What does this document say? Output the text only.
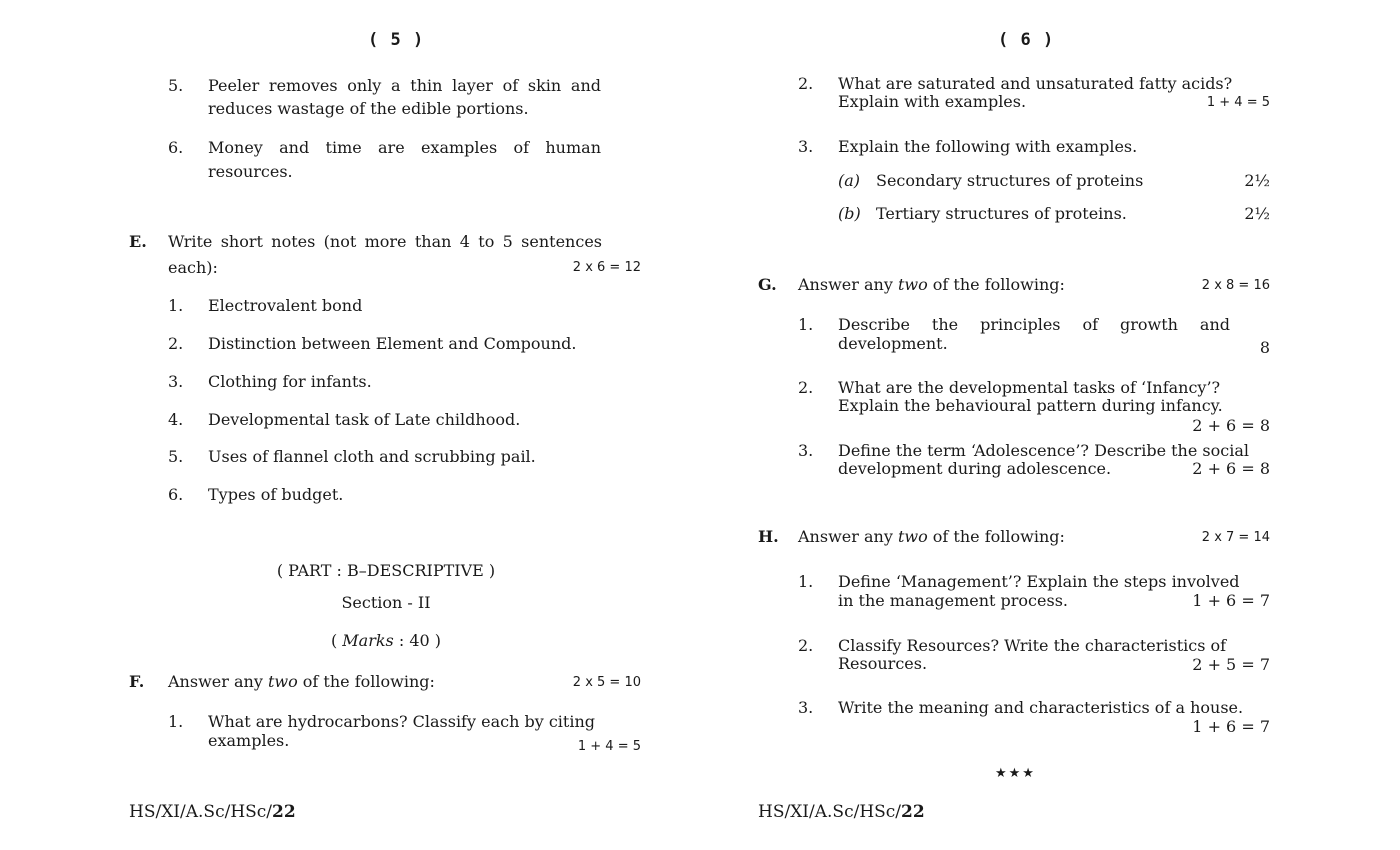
( 5 )
5.	Peeler removes only a thin layer of skin and
reduces wastage of the edible portions.
6.	Money and time are examples of human
resources.
E. Write short notes (not more than 4 to 5 sentences
each):	2 x 6 = 12
1.	Electrovalent bond
2.	Distinction between Element and Compound.
3.	Clothing for infants.
4.	Developmental task of Late childhood.
5.	Uses of flannel cloth and scrubbing pail.
6.	Types of budget.
( PART : B–DESCRIPTIVE )
Section - II
( Marks : 40 )
F. Answer any two of the following:	2 x 5 = 10
1.	What are hydrocarbons? Classify each by citing
examples.	1 + 4 = 5
HS/XI/A.Sc/HSc/22
( 6 )
2.	What are saturated and unsaturated fatty acids?
Explain with examples.	1 + 4 = 5
3.	Explain the following with examples.
(a) Secondary structures of proteins	2½
(b) Tertiary structures of proteins.	2½
G. Answer any two of the following:	2 x 8 = 16
1.	Describe the principles of growth and
development.	8
2.	What are the developmental tasks of ‘Infancy’?
Explain the behavioural pattern during infancy.
2 + 6 = 8
3.	Define the term ‘Adolescence’? Describe the social
development during adolescence.	2 + 6 = 8
H. Answer any two of the following:	2 x 7 = 14
1.	Define ‘Management’? Explain the steps involved
in the management process.	1 + 6 = 7
2.	Classify Resources? Write the characteristics of
Resources.	2 + 5 = 7
3.	Write the meaning and characteristics of a house.
1 + 6 = 7
★★★
HS/XI/A.Sc/HSc/22
